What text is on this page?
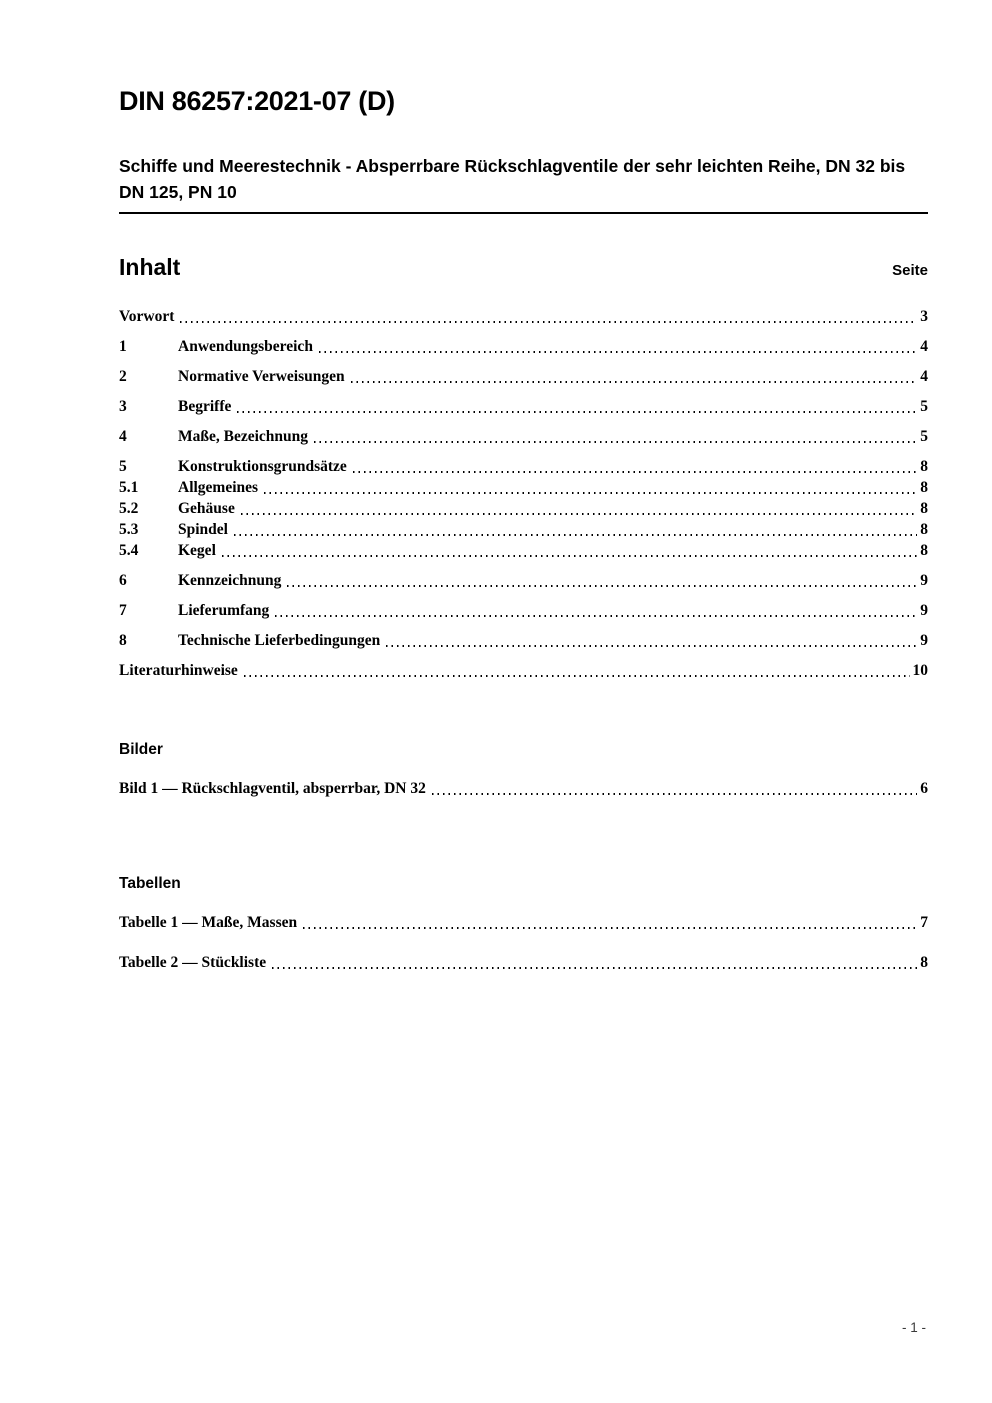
DIN 86257:2021-07 (D)
Schiffe und Meerestechnik - Absperrbare Rückschlagventile der sehr leichten Reihe, DN 32 bis DN 125, PN 10
Inhalt	Seite
Vorwort	3
1	Anwendungsbereich	4
2	Normative Verweisungen	4
3	Begriffe	5
4	Maße, Bezeichnung	5
5	Konstruktionsgrundsätze	8
5.1	Allgemeines	8
5.2	Gehäuse	8
5.3	Spindel	8
5.4	Kegel	8
6	Kennzeichnung	9
7	Lieferumfang	9
8	Technische Lieferbedingungen	9
Literaturhinweise	10
Bilder
Bild 1 — Rückschlagventil, absperrbar, DN 32	6
Tabellen
Tabelle 1 — Maße, Massen	7
Tabelle 2 — Stückliste	8
- 1 -
